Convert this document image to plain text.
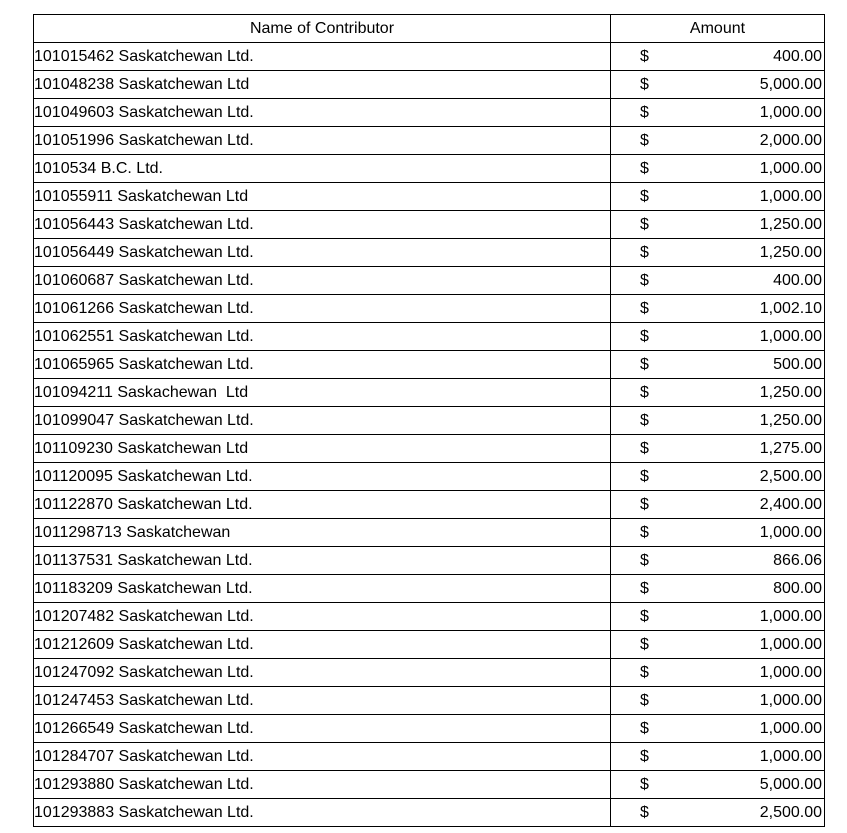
Name of Contributor	Amount
101015462 Saskatchewan Ltd.	$ 400.00

101048238 Saskatchewan Ltd	$ 5,000.00

101049603 Saskatchewan Ltd.	$ 1,000.00

101051996 Saskatchewan Ltd.	$ 2,000.00

1010534 B.C. Ltd.	$ 1,000.00

101055911 Saskatchewan Ltd	$ 1,000.00

101056443 Saskatchewan Ltd.	$ 1,250.00

101056449 Saskatchewan Ltd.	$ 1,250.00

101060687 Saskatchewan Ltd.	$ 400.00

101061266 Saskatchewan Ltd.	$ 1,002.10

101062551 Saskatchewan Ltd.	$ 1,000.00

101065965 Saskatchewan Ltd.	$ 500.00

101094211 Saskachewan  Ltd	$ 1,250.00

101099047 Saskatchewan Ltd.	$ 1,250.00

101109230 Saskatchewan Ltd	$ 1,275.00

101120095 Saskatchewan Ltd.	$ 2,500.00

101122870 Saskatchewan Ltd.	$ 2,400.00

1011298713 Saskatchewan	$ 1,000.00

101137531 Saskatchewan Ltd.	$ 866.06

101183209 Saskatchewan Ltd.	$ 800.00

101207482 Saskatchewan Ltd.	$ 1,000.00

101212609 Saskatchewan Ltd.	$ 1,000.00

101247092 Saskatchewan Ltd.	$ 1,000.00

101247453 Saskatchewan Ltd.	$ 1,000.00

101266549 Saskatchewan Ltd.	$ 1,000.00

101284707 Saskatchewan Ltd.	$ 1,000.00

101293880 Saskatchewan Ltd.	$ 5,000.00

101293883 Saskatchewan Ltd.	$ 2,500.00
